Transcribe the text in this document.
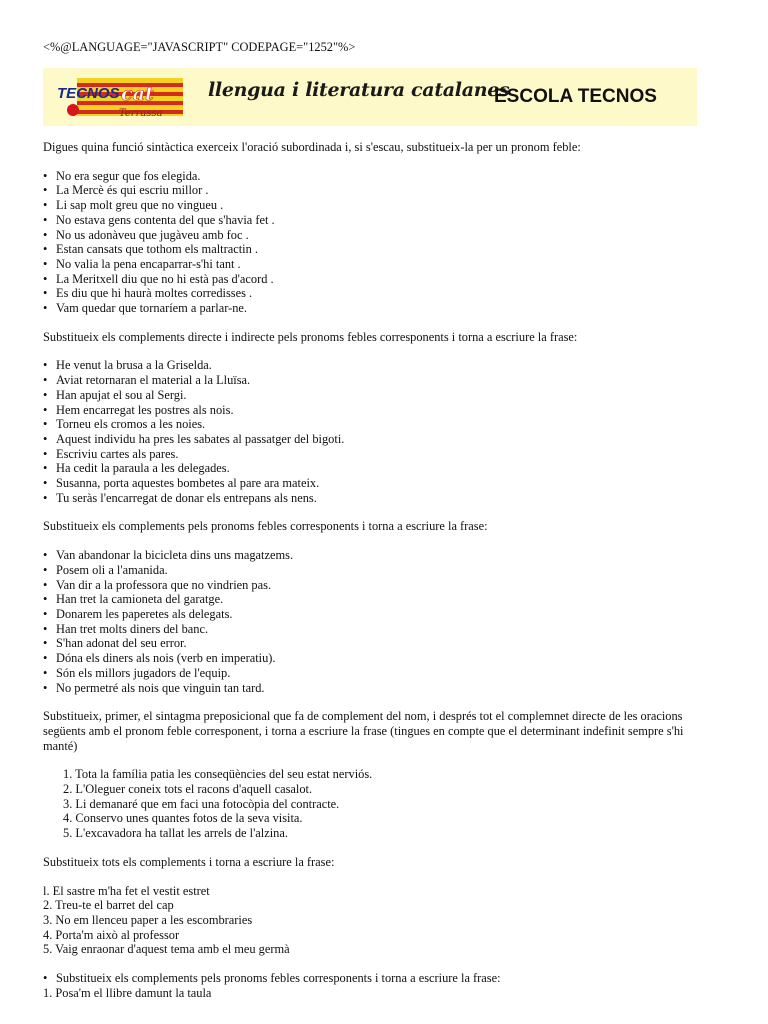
<%@LANGUAGE="JAVASCRIPT" CODEPAGE="1252"%>
TECNOS cat
Terrassa
llengua i literatura catalanes
ESCOLA TECNOS

Digues quina funció sintàctica exerceix l'oració subordinada i, si s'escau, substitueix-la per un pronom feble:

• No era segur que fos elegida.
• La Mercè és qui escriu millor .
• Li sap molt greu que no vingueu .
• No estava gens contenta del que s'havia fet .
• No us adonàveu que jugàveu amb foc .
• Estan cansats que tothom els maltractin .
• No valia la pena encaparrar-s'hi tant .
• La Meritxell diu que no hi està pas d'acord .
• Es diu que hi haurà moltes corredisses .
• Vam quedar que tornaríem a parlar-ne.

Substitueix els complements directe i indirecte pels pronoms febles corresponents i torna a escriure la frase:

• He venut la brusa a la Griselda.
• Aviat retornaran el material a la Lluïsa.
• Han apujat el sou al Sergi.
• Hem encarregat les postres als nois.
• Torneu els cromos a les noies.
• Aquest individu ha pres les sabates al passatger del bigoti.
• Escriviu cartes als pares.
• Ha cedit la paraula a les delegades.
• Susanna, porta aquestes bombetes al pare ara mateix.
• Tu seràs l'encarregat de donar els entrepans als nens.

Substitueix els complements pels pronoms febles corresponents i torna a escriure la frase:

• Van abandonar la bicicleta dins uns magatzems.
• Posem oli a l'amanida.
• Van dir a la professora que no vindrien pas.
• Han tret la camioneta del garatge.
• Donarem les paperetes als delegats.
• Han tret molts diners del banc.
• S'han adonat del seu error.
• Dóna els diners als nois (verb en imperatiu).
• Són els millors jugadors de l'equip.
• No permetré als nois que vinguin tan tard.

Substitueix, primer, el sintagma preposicional que fa de complement del nom, i després tot el complemnet directe de les oracions següents amb el pronom feble corresponent, i torna a escriure la frase (tingues en compte que el determinant indefinit sempre s'hi manté)

1. Tota la família patia les conseqüències del seu estat nerviós.
2. L'Oleguer coneix tots el racons d'aquell casalot.
3. Li demanaré que em faci una fotocòpia del contracte.
4. Conservo unes quantes fotos de la seva visita.
5. L'excavadora ha tallat les arrels de l'alzina.

Substitueix tots els complements i torna a escriure la frase:

l. El sastre m'ha fet el vestit estret
2. Treu-te el barret del cap
3. No em llenceu paper a les escombraries
4. Porta'm això al professor
5. Vaig enraonar d'aquest tema amb el meu germà
• Substitueix els complements pels pronoms febles corresponents i torna a escriure la frase:
1. Posa'm el llibre damunt la taula
